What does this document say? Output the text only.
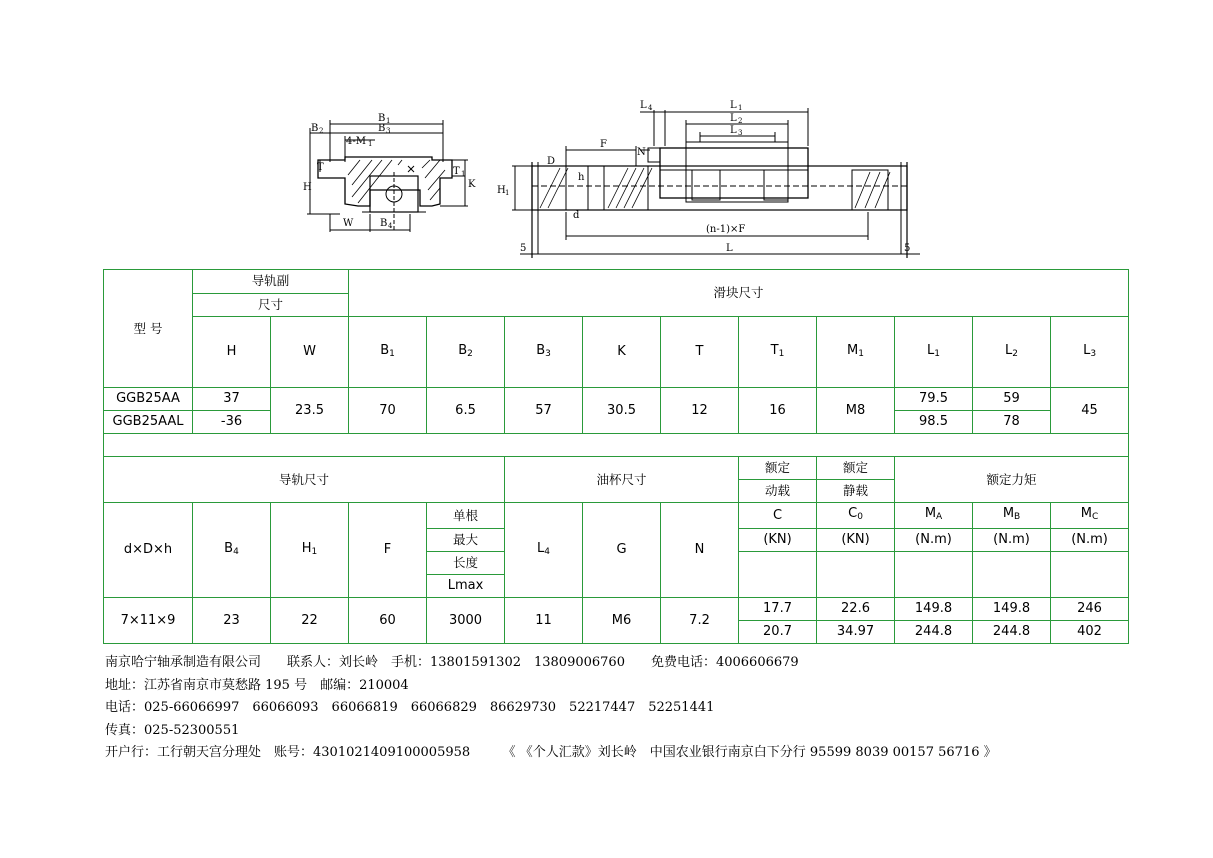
B 1
B 3
B 2
4-M 1
T	T 1
H	K
W	B 4
L 4	L 1
L 2
L 3
F
N
D
h
d
H 1
(n-1)×F
L
5	5
型 号	导轨副		滑块尺寸									
	尺寸											
	H	W	$B_1$	$B_2$	$B_3$	K	T	$T_1$	$M_1$	$L_1$	$L_2$	$L_3$
GGB25AA	37	23.5	70	6.5	57	30.5	12	16	M8	79.5	59	45
GGB25AAL	-36									98.5	78	

导轨尺寸					油杯尺寸			额定	额定	额定力矩		
								动载	静载			
d×D×h	$B_4$	$H_1$	F	单根	$L_4$	G	N	C	$C_0$	$M_A$	$M_B$	$M_C$
				最大				(KN)	(KN)	(N.m)	(N.m)	(N.m)
				长度								
				Lmax								
7×11×9	23	22	60	3000	11	M6	7.2	17.7	22.6	149.8	149.8	246
								20.7	34.97	244.8	244.8	402
南京哈宁轴承制造有限公司　　联系人：刘长岭　手机：13801591302　13809006760　　免费电话：4006606679
地址：江苏省南京市莫愁路 195 号　邮编：210004
电话：025-66066997　66066093　66066819　66066829　86629730　52217447　52251441
传真：025-52300551
开户行：工行朝天宫分理处　账号：4301021409100005958　　　《 《个人汇款》刘长岭　中国农业银行南京白下分行 95599 8039 00157 56716 》
